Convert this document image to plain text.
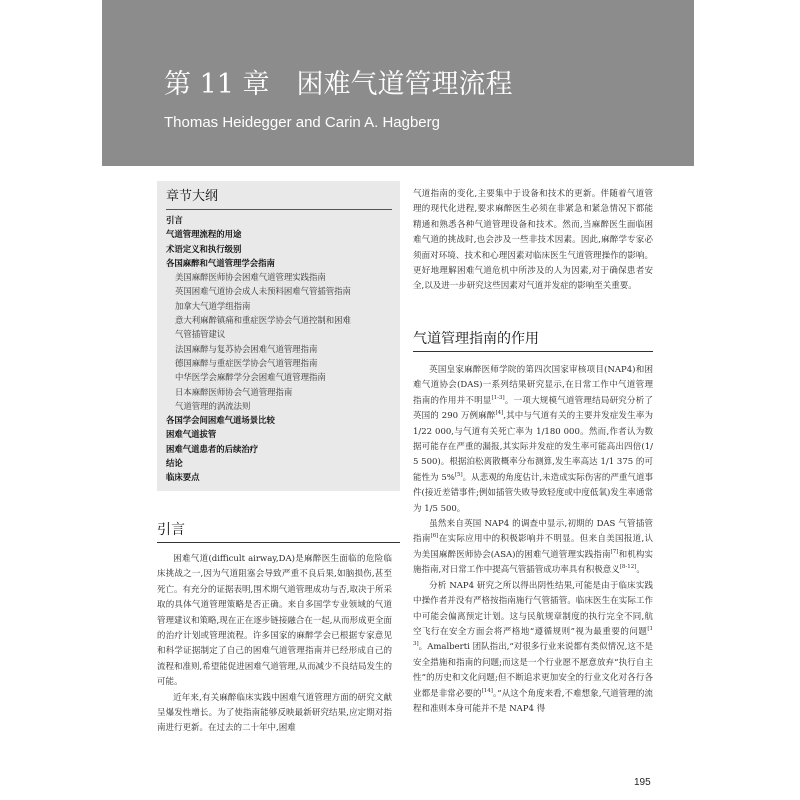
第 11 章　困难气道管理流程
Thomas Heidegger and Carin A. Hagberg
章节大纲
引言
气道管理流程的用途
术语定义和执行级别
各国麻醉和气道管理学会指南
美国麻醉医师协会困难气道管理实践指南
英国困难气道协会成人未预料困难气管插管指南
加拿大气道学组指南
意大利麻醉镇痛和重症医学协会气道控制和困难
气管插管建议
法国麻醉与复苏协会困难气道管理指南
德国麻醉与重症医学协会气道管理指南
中华医学会麻醉学分会困难气道管理指南
日本麻醉医师协会气道管理指南
气道管理的涡流法则
各国学会间困难气道场景比较
困难气道拔管
困难气道患者的后续治疗
结论
临床要点
引言

困难气道(difficult airway,DA)是麻醉医生面临的危险临床挑战之一,因为气道阻塞会导致严重不良后果,如脑损伤,甚至死亡。有充分的证据表明,围术期气道管理成功与否,取决于所采取的具体气道管理策略是否正确。来自多国学专业领域的气道管理建议和策略,现在正在逐步链接融合在一起,从而形成更全面的治疗计划或管理流程。许多国家的麻醉学会已根据专家意见和科学证据制定了自己的困难气道管理指南并已经形成自己的流程和准则,希望能促进困难气道管理,从而减少不良结局发生的可能。

近年来,有关麻醉临床实践中困难气道管理方面的研究文献呈爆发性增长。为了使指南能够反映最新研究结果,应定期对指南进行更新。在过去的二十年中,困难

气道指南的变化,主要集中于设备和技术的更新。伴随着气道管理的现代化进程,要求麻醉医生必须在非紧急和紧急情况下都能精通和熟悉各种气道管理设备和技术。然而,当麻醉医生面临困难气道的挑战时,也会涉及一些非技术因素。因此,麻醉学专家必须面对环境、技术和心理因素对临床医生气道管理操作的影响。更好地理解困难气道危机中所涉及的人为因素,对于确保患者安全,以及进一步研究这些因素对气道并发症的影响至关重要。

气道管理指南的作用

英国皇家麻醉医师学院的第四次国家审核项目(NAP4)和困难气道协会(DAS)一系列结果研究显示,在日常工作中气道管理指南的作用并不明显[1-3]。一项大规模气道管理结局研究分析了英国的 290 万例麻醉[4],其中与气道有关的主要并发症发生率为 1/22 000,与气道有关死亡率为 1/180 000。然而,作者认为数据可能存在严重的漏报,其实际并发症的发生率可能高出四倍(1/5 500)。根据泊松离散概率分布测算,发生率高达 1/1 375 的可能性为 5%[5]。从悲观的角度估计,未造成实际伤害的严重气道事件(接近差错事件;例如插管失败导致轻度或中度低氧)发生率通常为 1/5 500。

虽然来自英国 NAP4 的调查中显示,初期的 DAS 气管插管指南[6]在实际应用中的积极影响并不明显。但来自美国报道,认为美国麻醉医师协会(ASA)的困难气道管理实践指南[7]和机构实施指南,对日常工作中提高气管插管成功率具有积极意义[8-12]。

分析 NAP4 研究之所以得出阴性结果,可能是由于临床实践中操作者并没有严格按指南施行气管插管。临床医生在实际工作中可能会偏离预定计划。这与民航规章制度的执行完全不同,航空飞行在安全方面会将严格地“遵循规则”视为最重要的问题[13]。Amalberti 团队指出,“对很多行业来说都有类似情况,这不是安全措施和指南的问题;而这是一个行业愿不愿意放弃“执行自主性”的历史和文化问题;但不断追求更加安全的行业文化对各行各业都是非常必要的[14]。”从这个角度来看,不难想象,气道管理的流程和准则本身可能并不是 NAP4 得

195
